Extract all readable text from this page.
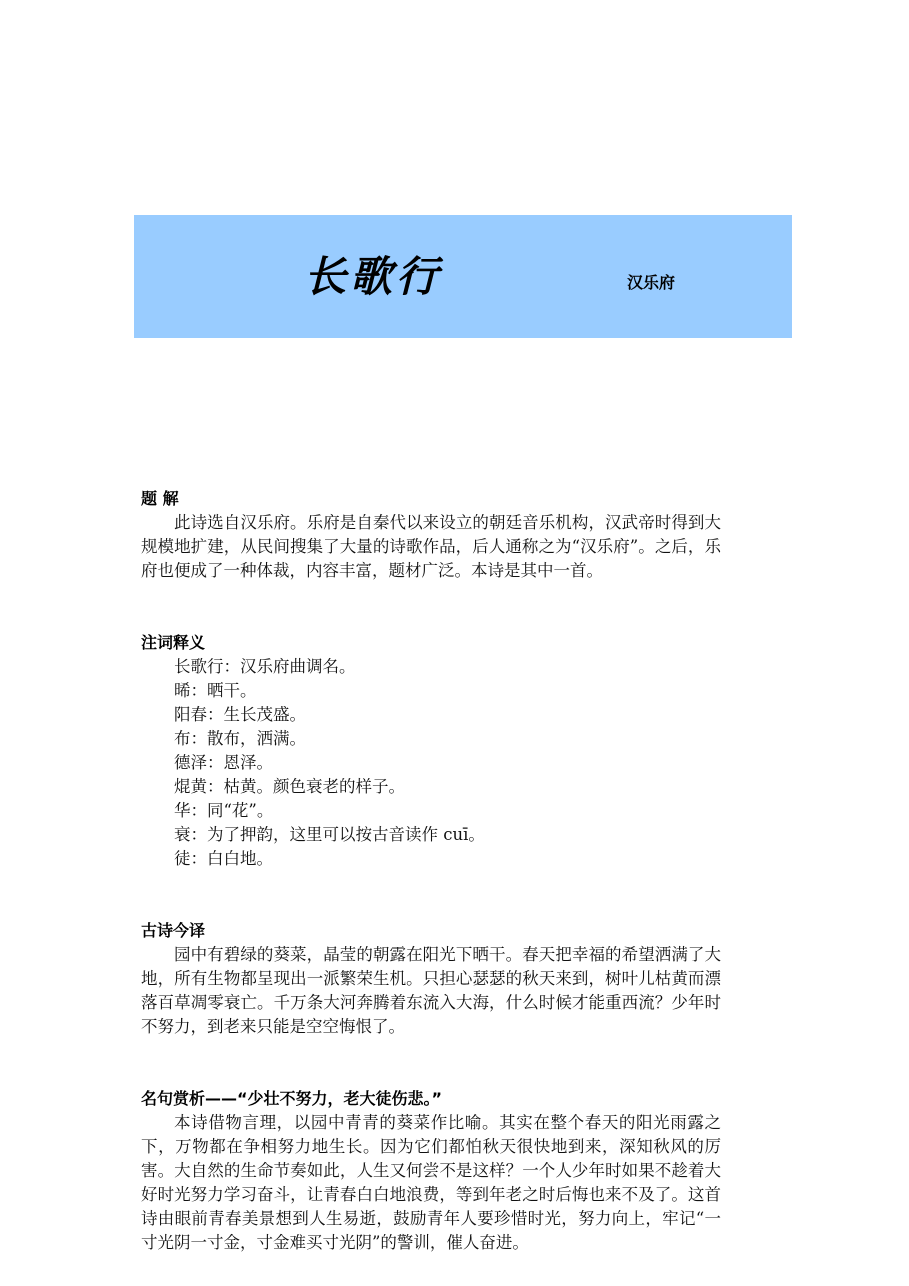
长歌行	汉乐府

题 解

此诗选自汉乐府。乐府是自秦代以来设立的朝廷音乐机构，汉武帝时得到大规模地扩建，从民间搜集了大量的诗歌作品，后人通称之为“汉乐府”。之后，乐府也便成了一种体裁，内容丰富，题材广泛。本诗是其中一首。

注词释义

长歌行：汉乐府曲调名。

晞：晒干。

阳春：生长茂盛。

布：散布，洒满。

德泽：恩泽。

焜黄：枯黄。颜色衰老的样子。

华：同“花”。

衰：为了押韵，这里可以按古音读作 cuī。

徒：白白地。

古诗今译

园中有碧绿的葵菜，晶莹的朝露在阳光下晒干。春天把幸福的希望洒满了大地，所有生物都呈现出一派繁荣生机。只担心瑟瑟的秋天来到，树叶儿枯黄而漂落百草凋零衰亡。千万条大河奔腾着东流入大海，什么时候才能重西流？少年时不努力，到老来只能是空空悔恨了。

名句赏析——“少壮不努力，老大徒伤悲。”

本诗借物言理，以园中青青的葵菜作比喻。其实在整个春天的阳光雨露之下，万物都在争相努力地生长。因为它们都怕秋天很快地到来，深知秋风的厉害。大自然的生命节奏如此，人生又何尝不是这样？一个人少年时如果不趁着大好时光努力学习奋斗，让青春白白地浪费，等到年老之时后悔也来不及了。这首诗由眼前青春美景想到人生易逝，鼓励青年人要珍惜时光，努力向上，牢记“一寸光阴一寸金，寸金难买寸光阴”的警训，催人奋进。
